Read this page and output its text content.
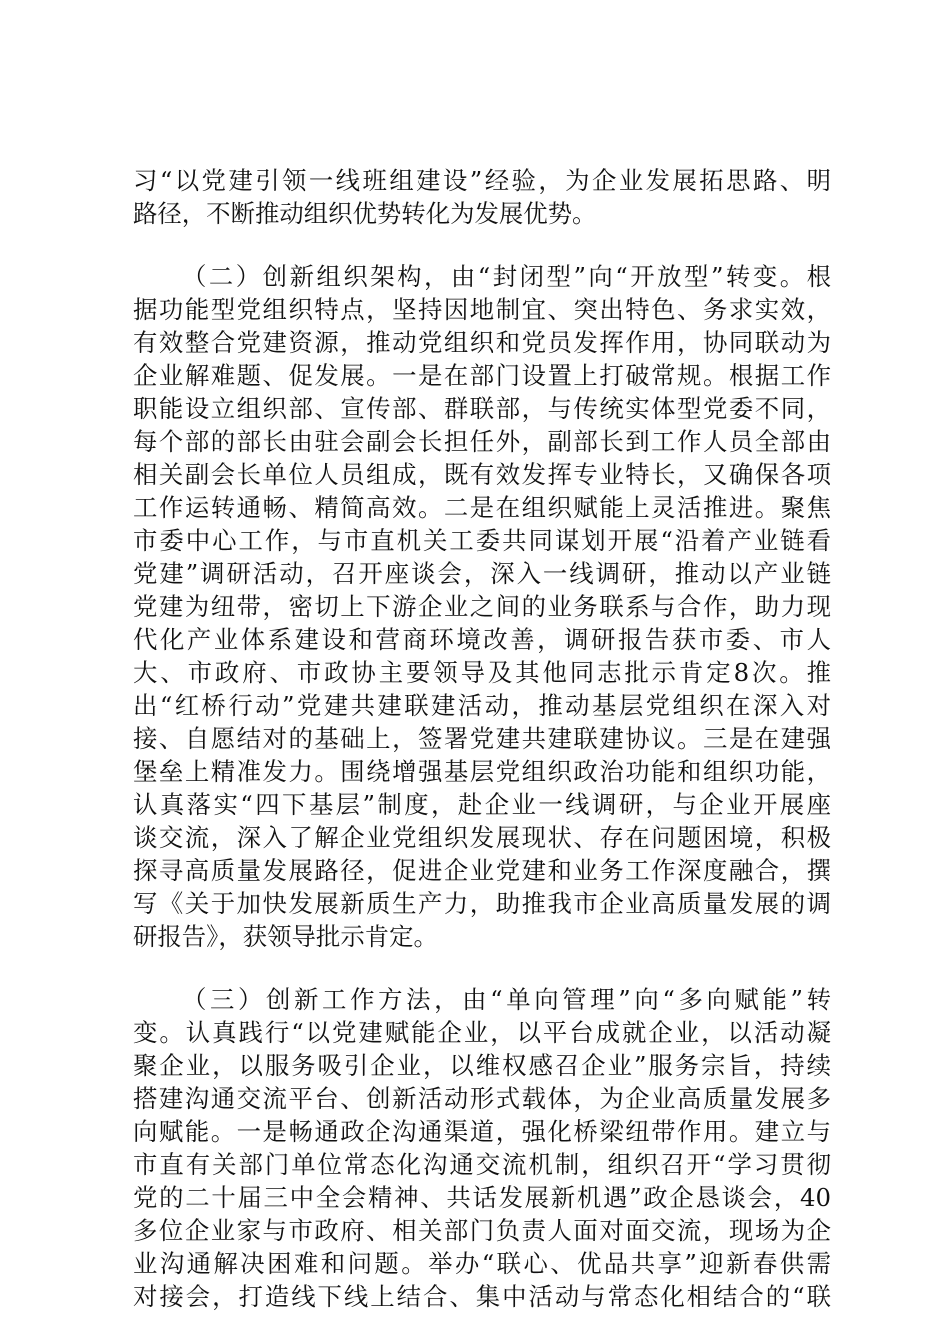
习“以党建引领一线班组建设”经验，为企业发展拓思路、明
路径，不断推动组织优势转化为发展优势。
（二）创新组织架构，由“封闭型”向“开放型”转变。根
据功能型党组织特点，坚持因地制宜、突出特色、务求实效，
有效整合党建资源，推动党组织和党员发挥作用，协同联动为
企业解难题、促发展。一是在部门设置上打破常规。根据工作
职能设立组织部、宣传部、群联部，与传统实体型党委不同，
每个部的部长由驻会副会长担任外，副部长到工作人员全部由
相关副会长单位人员组成，既有效发挥专业特长，又确保各项
工作运转通畅、精简高效。二是在组织赋能上灵活推进。聚焦
市委中心工作，与市直机关工委共同谋划开展“沿着产业链看
党建”调研活动，召开座谈会，深入一线调研，推动以产业链
党建为纽带，密切上下游企业之间的业务联系与合作，助力现
代化产业体系建设和营商环境改善，调研报告获市委、市人
大、市政府、市政协主要领导及其他同志批示肯定8次。推
出“红桥行动”党建共建联建活动，推动基层党组织在深入对
接、自愿结对的基础上，签署党建共建联建协议。三是在建强
堡垒上精准发力。围绕增强基层党组织政治功能和组织功能，
认真落实“四下基层”制度，赴企业一线调研，与企业开展座
谈交流，深入了解企业党组织发展现状、存在问题困境，积极
探寻高质量发展路径，促进企业党建和业务工作深度融合，撰
写《关于加快发展新质生产力，助推我市企业高质量发展的调
研报告》，获领导批示肯定。
（三）创新工作方法，由“单向管理”向“多向赋能”转
变。认真践行“以党建赋能企业，以平台成就企业，以活动凝
聚企业，以服务吸引企业，以维权感召企业”服务宗旨，持续
搭建沟通交流平台、创新活动形式载体，为企业高质量发展多
向赋能。一是畅通政企沟通渠道，强化桥梁纽带作用。建立与
市直有关部门单位常态化沟通交流机制，组织召开“学习贯彻
党的二十届三中全会精神、共话发展新机遇”政企恳谈会，40
多位企业家与市政府、相关部门负责人面对面交流，现场为企
业沟通解决困难和问题。举办“联心、优品共享”迎新春供需
对接会，打造线下线上结合、集中活动与常态化相结合的“联
